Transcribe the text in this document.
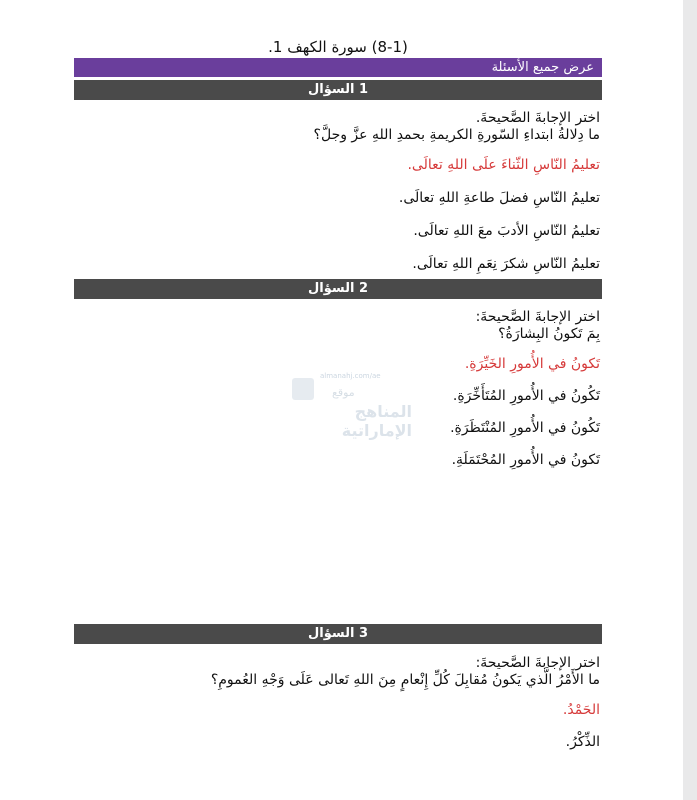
(8-1) سورة الكهف 1.
عرض جميع الأسئلة
1 السؤال
اختر الإجابةَ الصَّحيحةَ.
ما دِلالةُ ابتداءِ السّورةِ الكريمةِ بحمدِ اللهِ عزَّ وجلَّ؟
تعليمُ النّاسِ الثّناءَ علَى اللهِ تعالَى.
تعليمُ النّاسِ فضلَ طاعةِ اللهِ تعالَى.
تعليمُ النّاسِ الأدبَ معَ اللهِ تعالَى.
تعليمُ النّاسِ شكرَ نِعَمِ اللهِ تعالَى.
2 السؤال
اختر الإجابةَ الصَّحيحةَ:
بِمَ تَكونُ البِشارَةُ؟
تَكونُ في الأُمورِ الخَيِّرَةِ.
تَكُونُ في الأُمورِ المُتَأَخِّرَةِ.
تَكُونُ في الأُمورِ المُنْتَظَرَةِ.
تَكونُ في الأُمورِ المُحْتَمَلَةِ.
almanahj.com/ae
موقع
المناهج الإماراتية
3 السؤال
اختر الإجابةَ الصَّحيحةَ:
ما الأَمْرُ الَّذي يَكونُ مُقابِلَ كُلِّ إِنْعامٍ مِنَ اللهِ تَعالى عَلَى وَجْهِ العُمومِ؟
الحَمْدُ.
الذِّكْرُ.
